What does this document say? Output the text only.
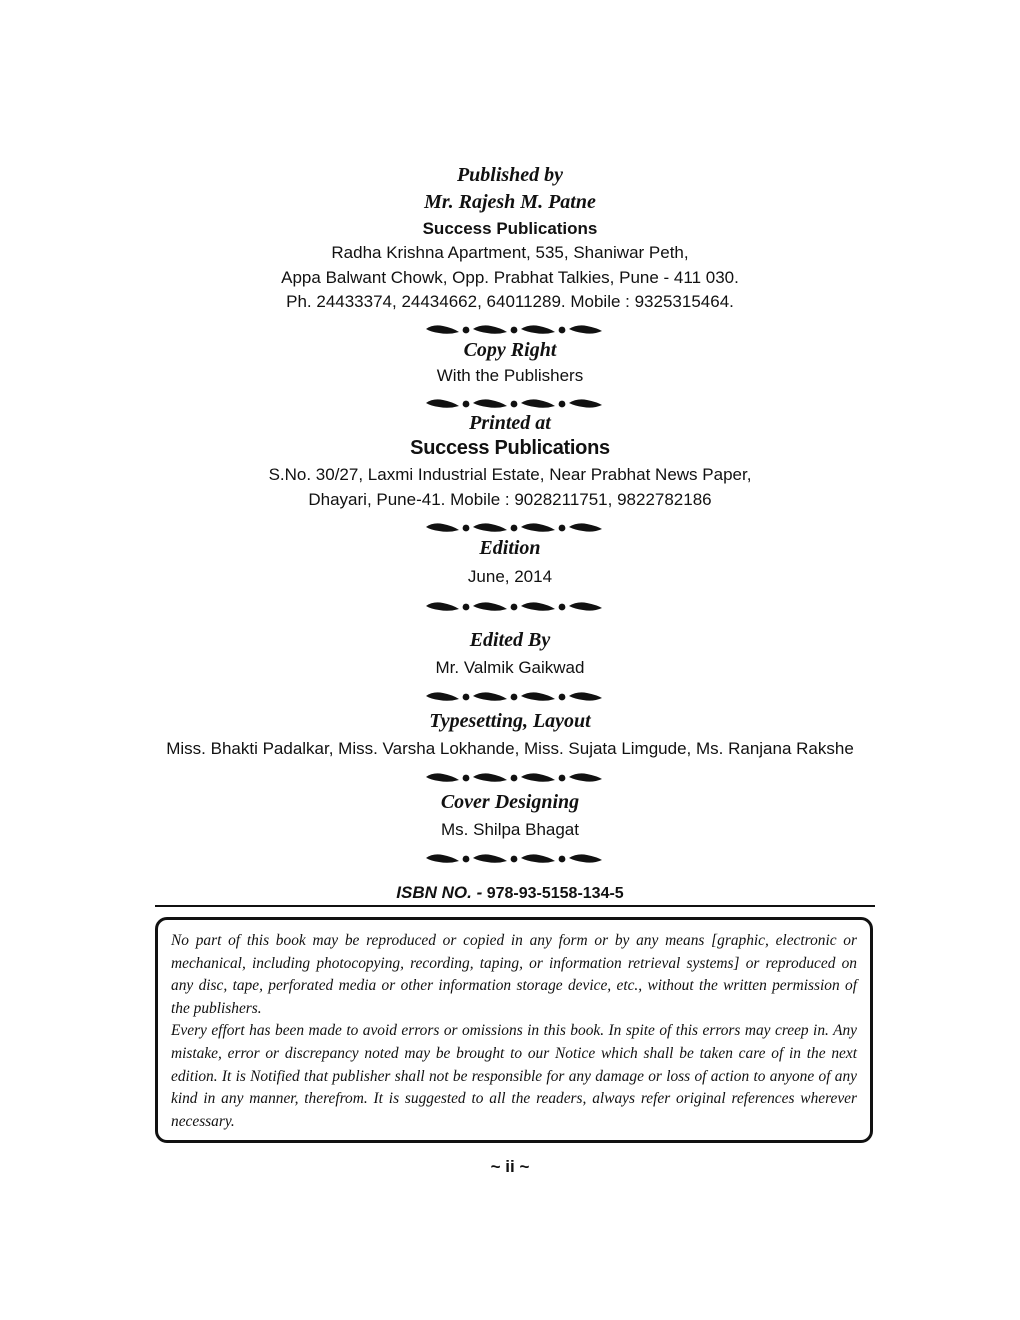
Published by
Mr. Rajesh M. Patne
Success Publications
Radha Krishna Apartment, 535, Shaniwar Peth,
Appa Balwant Chowk, Opp. Prabhat Talkies, Pune - 411 030.
Ph. 24433374, 24434662, 64011289. Mobile : 9325315464.
Copy Right
With the Publishers
Printed at
Success Publications
S.No. 30/27, Laxmi Industrial Estate, Near Prabhat News Paper,
Dhayari, Pune-41. Mobile : 9028211751, 9822782186
Edition
June, 2014
Edited By
Mr. Valmik Gaikwad
Typesetting, Layout
Miss. Bhakti Padalkar, Miss. Varsha Lokhande, Miss. Sujata Limgude, Ms. Ranjana Rakshe
Cover Designing
Ms. Shilpa Bhagat
ISBN NO. - 978-93-5158-134-5

No part of this book may be reproduced or copied in any form or by any means [graphic, electronic or mechanical, including photocopying, recording, taping, or information retrieval systems] or reproduced on any disc, tape, perforated media or other information storage device, etc., without the written permission of the publishers.

Every effort has been made to avoid errors or omissions in this book. In spite of this errors may creep in. Any mistake, error or discrepancy noted may be brought to our Notice which shall be taken care of in the next edition. It is Notified that publisher shall not be responsible for any damage or loss of action to anyone of any kind in any manner, therefrom. It is suggested to all the readers, always refer original references wherever necessary.

~ ii ~
